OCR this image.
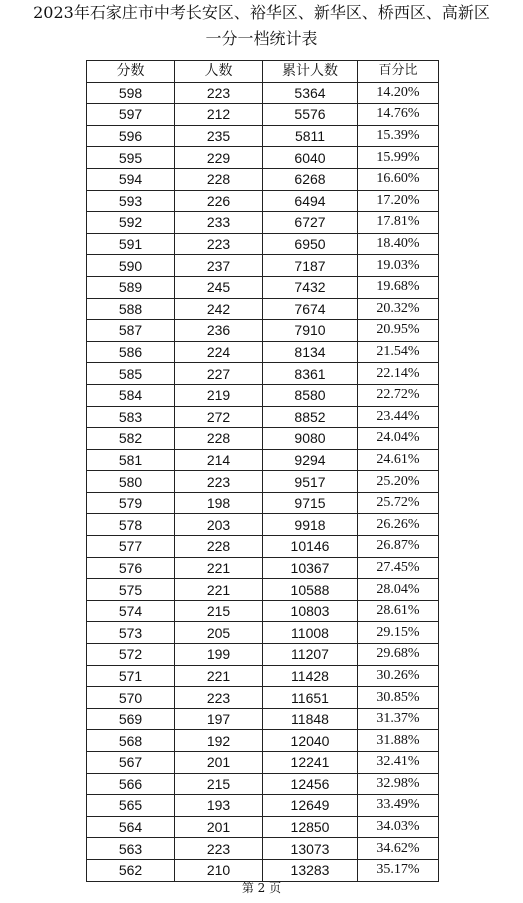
2023年石家庄市中考长安区、裕华区、新华区、桥西区、高新区
一分一档统计表
分数	人数	累计人数	百分比
598	223	5364	14.20%
597	212	5576	14.76%
596	235	5811	15.39%
595	229	6040	15.99%
594	228	6268	16.60%
593	226	6494	17.20%
592	233	6727	17.81%
591	223	6950	18.40%
590	237	7187	19.03%
589	245	7432	19.68%
588	242	7674	20.32%
587	236	7910	20.95%
586	224	8134	21.54%
585	227	8361	22.14%
584	219	8580	22.72%
583	272	8852	23.44%
582	228	9080	24.04%
581	214	9294	24.61%
580	223	9517	25.20%
579	198	9715	25.72%
578	203	9918	26.26%
577	228	10146	26.87%
576	221	10367	27.45%
575	221	10588	28.04%
574	215	10803	28.61%
573	205	11008	29.15%
572	199	11207	29.68%
571	221	11428	30.26%
570	223	11651	30.85%
569	197	11848	31.37%
568	192	12040	31.88%
567	201	12241	32.41%
566	215	12456	32.98%
565	193	12649	33.49%
564	201	12850	34.03%
563	223	13073	34.62%
562	210	13283	35.17%
第 2 页
